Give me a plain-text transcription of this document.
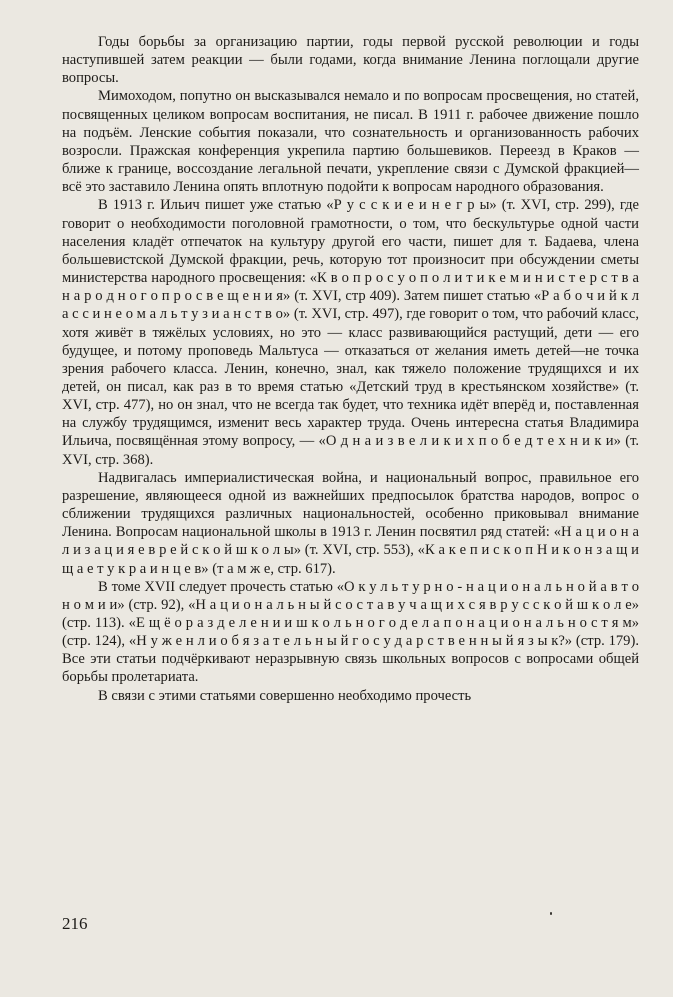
Годы борьбы за организацию партии, годы первой русской революции и годы наступившей затем реакции — были годами, когда внимание Ленина поглощали другие вопросы.

Мимоходом, попутно он высказывался немало и по вопросам просвещения, но статей, посвященных целиком вопросам воспитания, не писал. В 1911 г. рабочее движение пошло на подъём. Ленские события показали, что сознательность и организованность рабочих возросли. Пражская конференция укрепила партию большевиков. Переезд в Краков — ближе к границе, воссоздание легальной печати, укрепление связи с Думской фракцией—всё это заставило Ленина опять вплотную подойти к вопросам народного образования.

В 1913 г. Ильич пишет уже статью «Р у с с к и е и н е г р ы» (т. XVI, стр. 299), где говорит о необходимости поголовной грамотности, о том, что бескультурье одной части населения кладёт отпечаток на культуру другой его части, пишет для т. Бадаева, члена большевистской Думской фракции, речь, которую тот произносит при обсуждении сметы министерства народного просвещения: «К в о п р о с у о п о л и т и к е м и н и с т е р с т в а н а р о д н о г о п р о с в е щ е н и я» (т. XVI, стр 409). Затем пишет статью «Р а б о ч и й к л а с с и н е о м а л ь т у з и а н с т в о» (т. XVI, стр. 497), где говорит о том, что рабочий класс, хотя живёт в тяжёлых условиях, но это — класс развивающийся растущий, дети — его будущее, и потому проповедь Мальтуса — отказаться от желания иметь детей—не точка зрения рабочего класса. Ленин, конечно, знал, как тяжело положение трудящихся и их детей, он писал, как раз в то время статью «Детский труд в крестьянском хозяйстве» (т. XVI, стр. 477), но он знал, что не всегда так будет, что техника идёт вперёд и, поставленная на службу трудящимся, изменит весь характер труда. Очень интересна статья Владимира Ильича, посвящённая этому вопросу, — «О д н а и з в е л и к и х п о б е д т е х н и к и» (т. XVI, стр. 368).

Надвигалась империалистическая война, и национальный вопрос, правильное его разрешение, являющееся одной из важнейших предпосылок братства народов, вопрос о сближении трудящихся различных национальностей, особенно приковывал внимание Ленина. Вопросам национальной школы в 1913 г. Ленин посвятил ряд статей: «Н а ц и о н а л и з а ц и я е в р е й с к о й ш к о л ы» (т. XVI, стр. 553), «К а к е п и с к о п Н и к о н з а щ и щ а е т у к р а и н ц е в» (т а м ж е, стр. 617).

В томе XVII следует прочесть статью «О к у л ь т у р н о - н а ц и о н а л ь н о й а в т о н о м и и» (стр. 92), «Н а ц и о н а л ь н ы й с о с т а в у ч а щ и х с я в р у с с к о й ш к о л е» (стр. 113). «Е щ ё о р а з д е л е н и и ш к о л ь н о г о д е л а п о н а ц и о н а л ь н о с т я м» (стр. 124), «Н у ж е н л и о б я з а т е л ь н ы й г о с у д а р с т в е н н ы й я з ы к?» (стр. 179). Все эти статьи подчёркивают неразрывную связь школьных вопросов с вопросами общей борьбы пролетариата.

В связи с этими статьями совершенно необходимо прочесть

216
